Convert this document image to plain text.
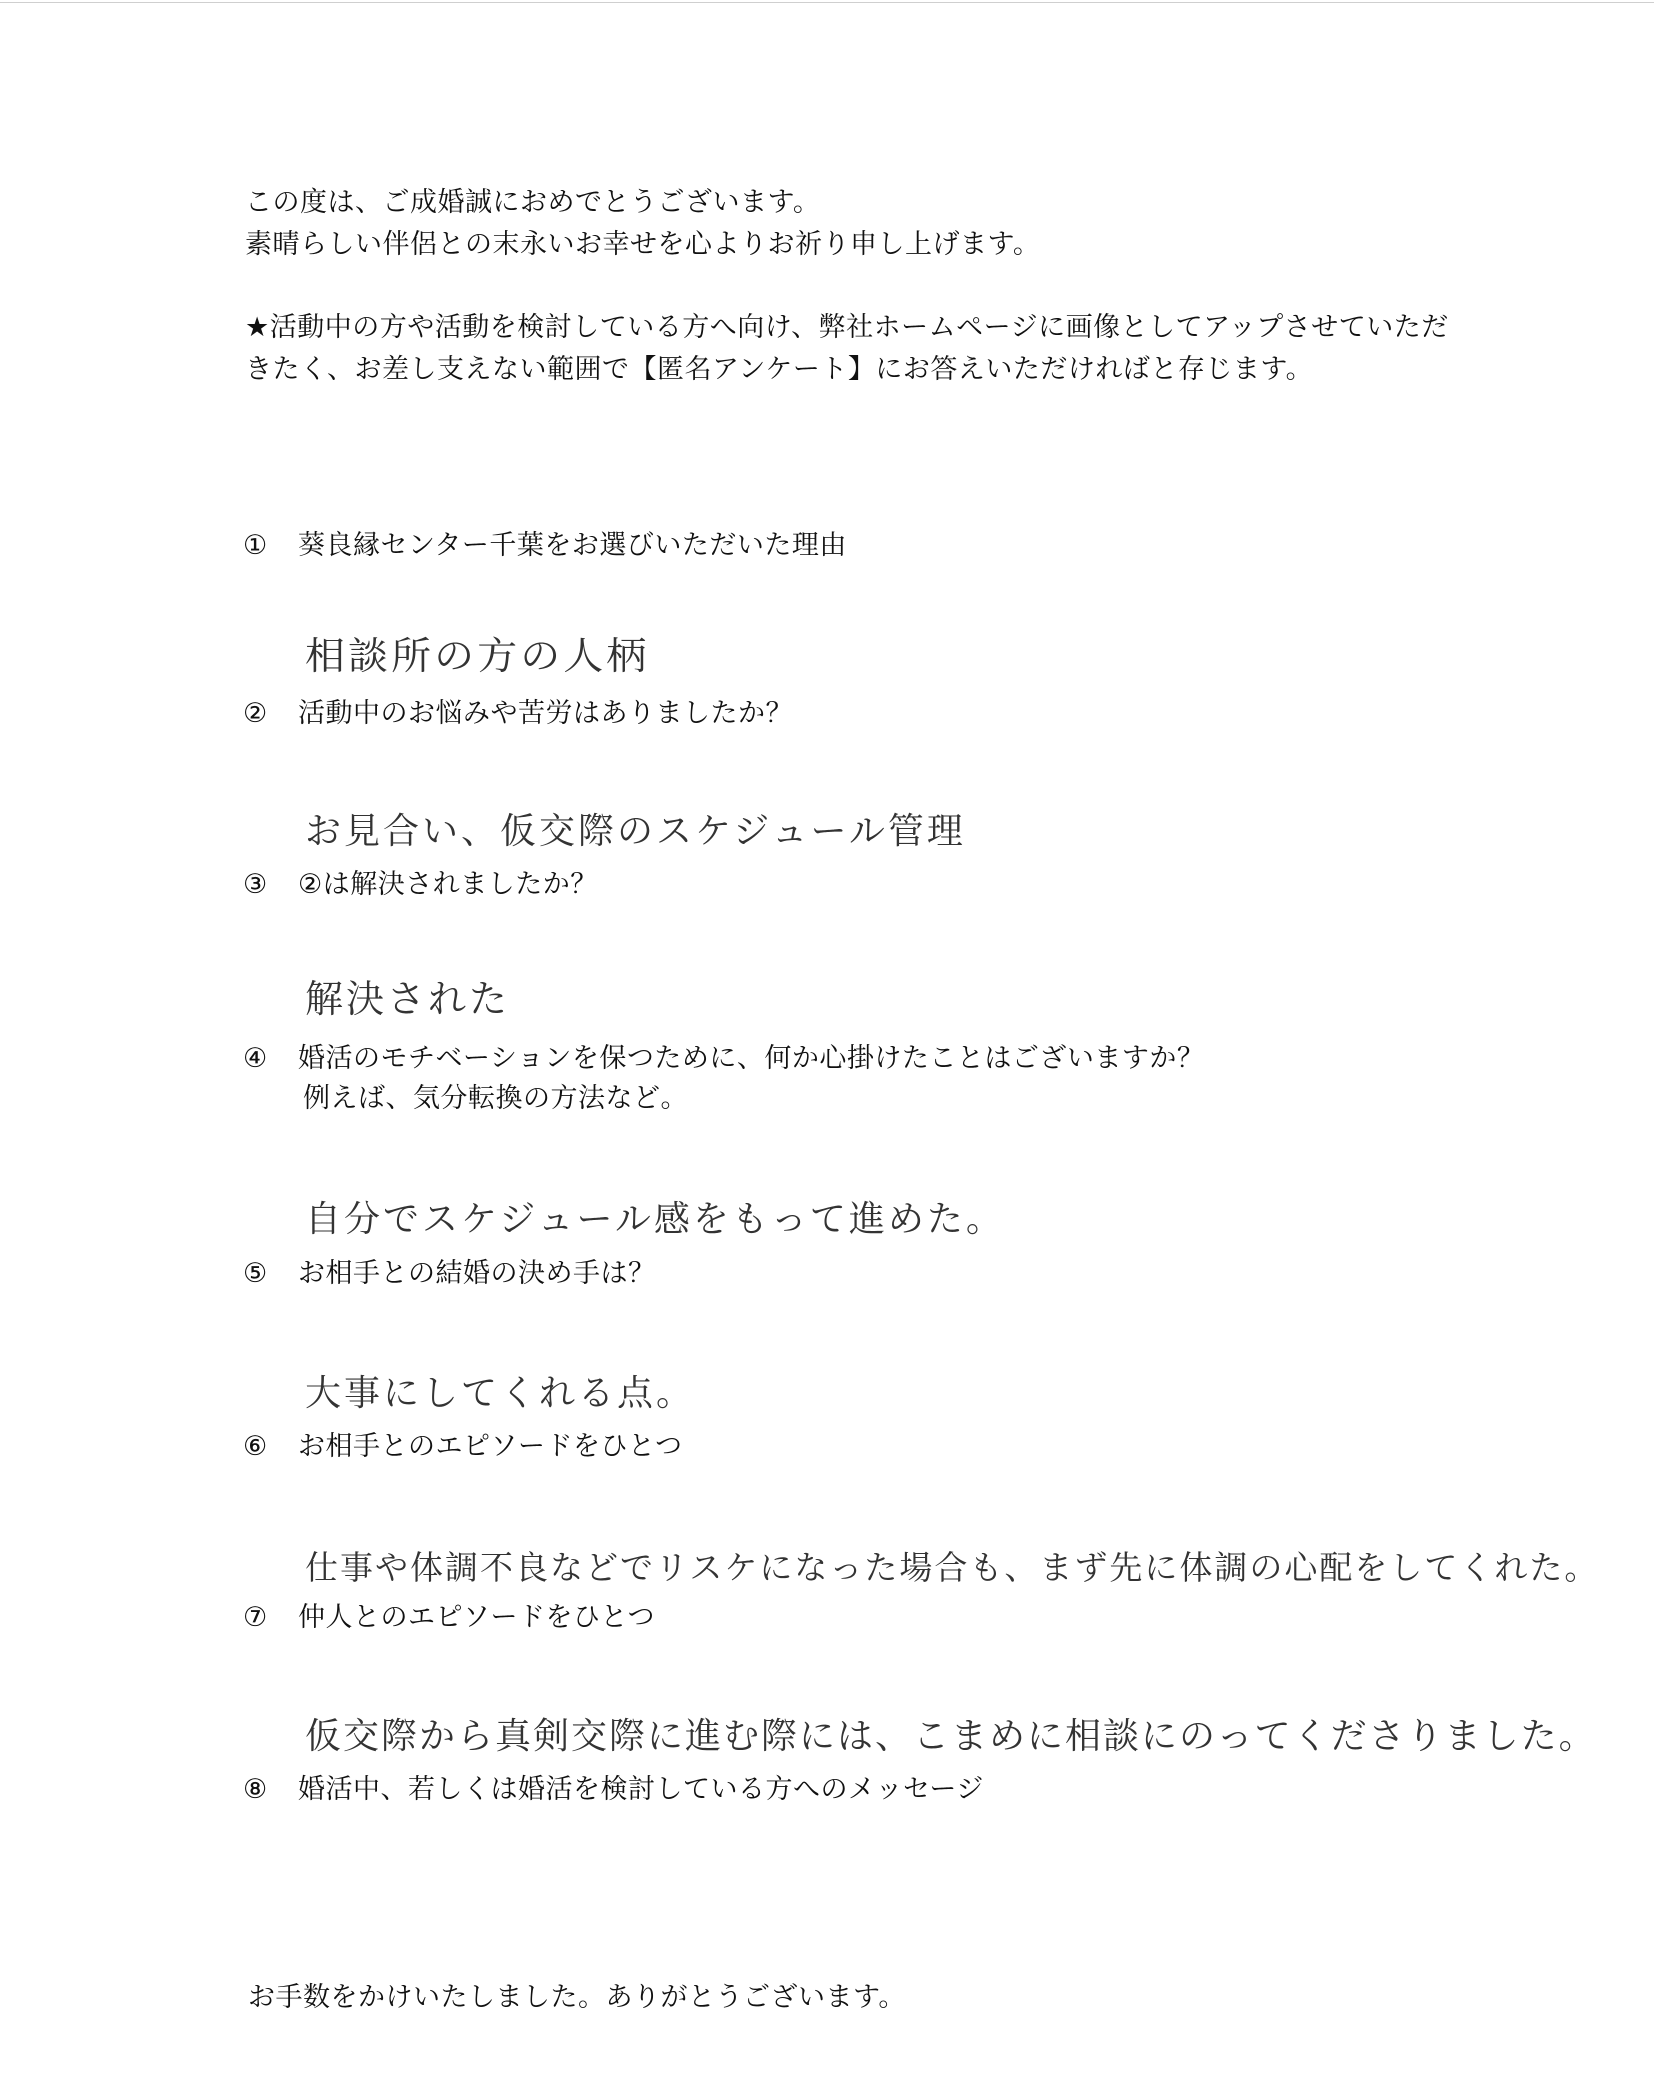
この度は、ご成婚誠におめでとうございます。
素晴らしい伴侶との末永いお幸せを心よりお祈り申し上げます。
★活動中の方や活動を検討している方へ向け、弊社ホームページに画像としてアップさせていただ
きたく、お差し支えない範囲で【匿名アンケート】にお答えいただければと存じます。
① 葵良縁センター千葉をお選びいただいた理由
相談所の方の人柄
② 活動中のお悩みや苦労はありましたか？
お見合い、仮交際のスケジュール管理
③ ②は解決されましたか？
解決された
④ 婚活のモチベーションを保つために、何か心掛けたことはございますか？
例えば、気分転換の方法など。
自分でスケジュール感をもって進めた。
⑤ お相手との結婚の決め手は？
大事にしてくれる点。
⑥ お相手とのエピソードをひとつ
仕事や体調不良などでリスケになった場合も、まず先に体調の心配をしてくれた。
⑦ 仲人とのエピソードをひとつ
仮交際から真剣交際に進む際には、こまめに相談にのってくださりました。
⑧ 婚活中、若しくは婚活を検討している方へのメッセージ
お手数をかけいたしました。ありがとうございます。
